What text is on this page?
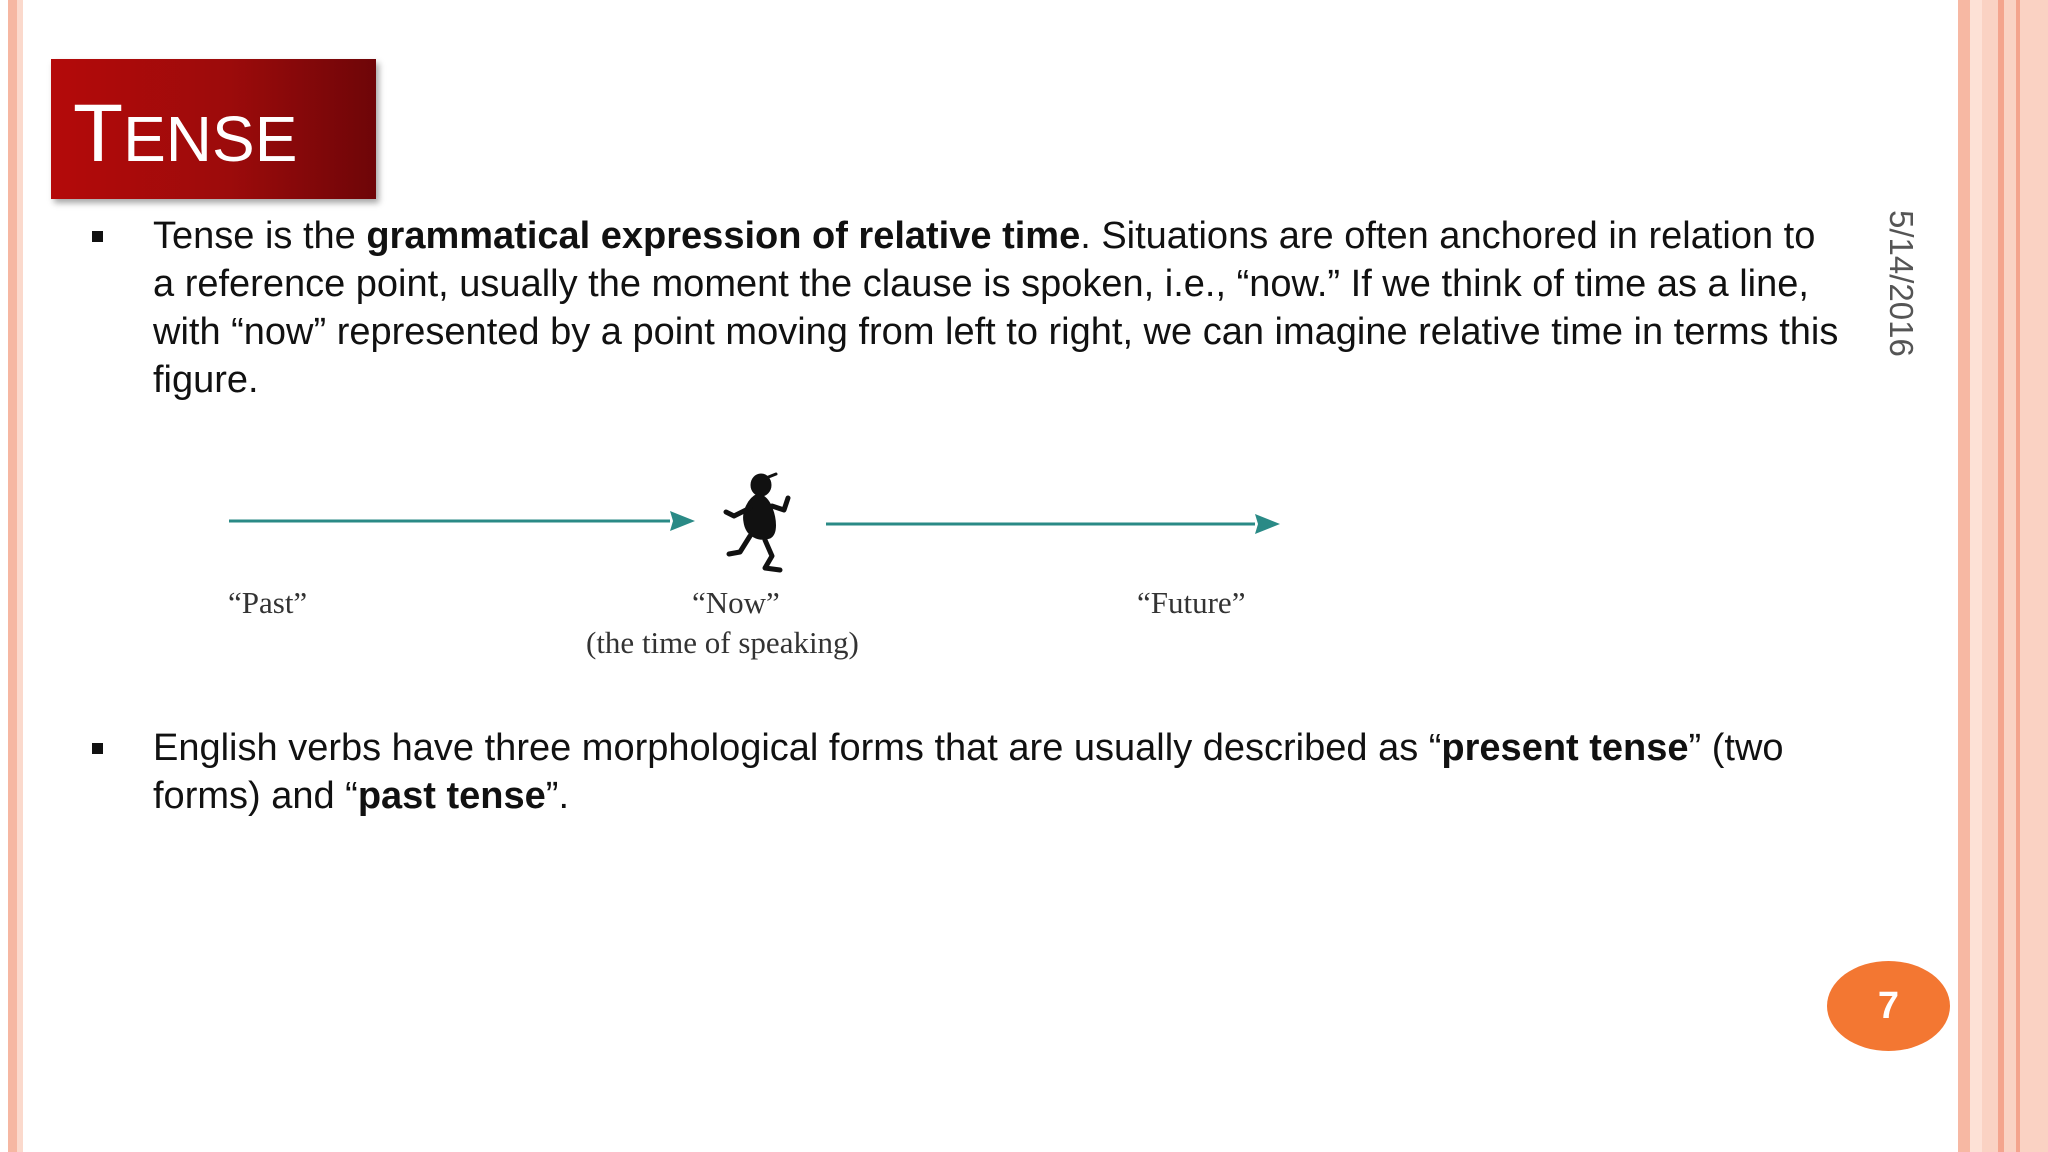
TENSE
Tense is the grammatical expression of relative time. Situations are often anchored in relation to a reference point, usually the moment the clause is spoken, i.e., “now.” If we think of time as a line, with “now” represented by a point moving from left to right, we can imagine relative time in terms this figure.
“Past”	“Now”	“Future”
(the time of speaking)
English verbs have three morphological forms that are usually described as “present tense” (two forms) and “past tense”.
5/14/2016
7
